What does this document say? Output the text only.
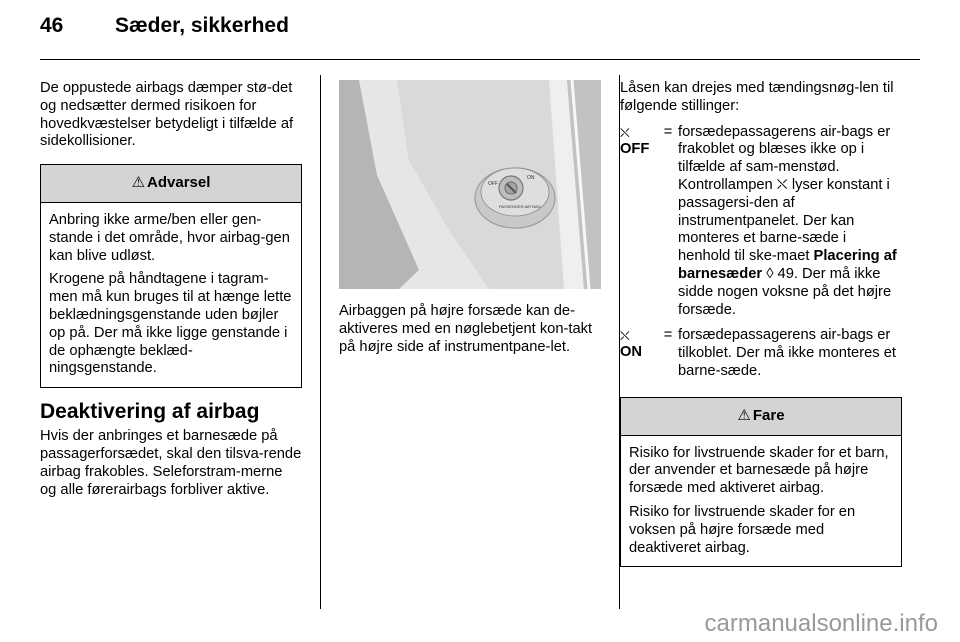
46 Sæder, sikkerhed

De oppustede airbags dæmper stø-det og nedsætter dermed risikoen for hovedkvæstelser betydeligt i tilfælde af sidekollisioner.

⚠ Advarsel

Anbring ikke arme/ben eller gen-stande i det område, hvor airbag-gen kan blive udløst.

Krogene på håndtagene i tagram-men må kun bruges til at hænge lette beklædningsgenstande uden bøjler op på. Der må ikke ligge genstande i de ophængte beklæd-ningsgenstande.

Deaktivering af airbag

Hvis der anbringes et barnesæde på passagerforsædet, skal den tilsva-rende airbag frakobles. Seleforstram-merne og alle førerairbags forbliver aktive.

OFF
ON
PASSENGER AIR BAG

Airbaggen på højre forsæde kan de-aktiveres med en nøglebetjent kon-takt på højre side af instrumentpane-let.

Låsen kan drejes med tændingsnøg-len til følgende stillinger:

⛌
OFF
= forsædepassagerens air-bags er frakoblet og blæses ikke op i tilfælde af sam-menstød. Kontrollampen ⛌ lyser konstant i passagersi-den af instrumentpanelet. Der kan monteres et barne-sæde i henhold til ske-maet Placering af barnesæder ◊ 49. Der må ikke sidde nogen voksne på det højre forsæde.
⛌
ON
= forsædepassagerens air-bags er tilkoblet. Der må ikke monteres et barne-sæde.
⚠ Fare

Risiko for livstruende skader for et barn, der anvender et barnesæde på højre forsæde med aktiveret airbag.

Risiko for livstruende skader for en voksen på højre forsæde med deaktiveret airbag.

carmanualsonline.info
